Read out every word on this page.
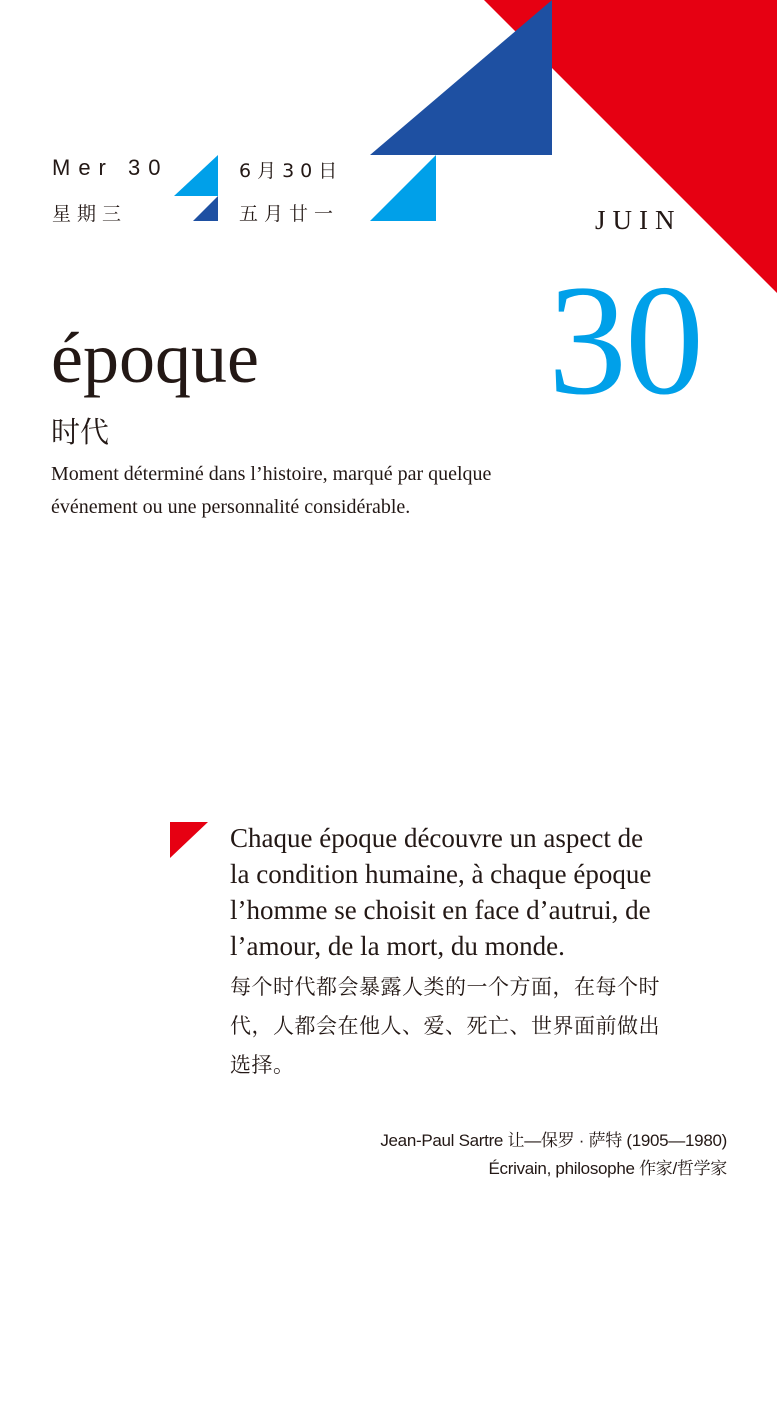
Mer 30
星期三
6月30日
五月廿一	JUIN
30
époque
时代
Moment déterminé dans l’histoire, marqué par quelque
événement ou une personnalité considérable.
Chaque époque découvre un aspect de
la condition humaine, à chaque époque
l’homme se choisit en face d’autrui, de
l’amour, de la mort, du monde.
每个时代都会暴露人类的一个方面，在每个时
代，人都会在他人、爱、死亡、世界面前做出
选择。
Jean-Paul Sartre 让—保罗 · 萨特 (1905—1980)
Écrivain, philosophe 作家/哲学家
